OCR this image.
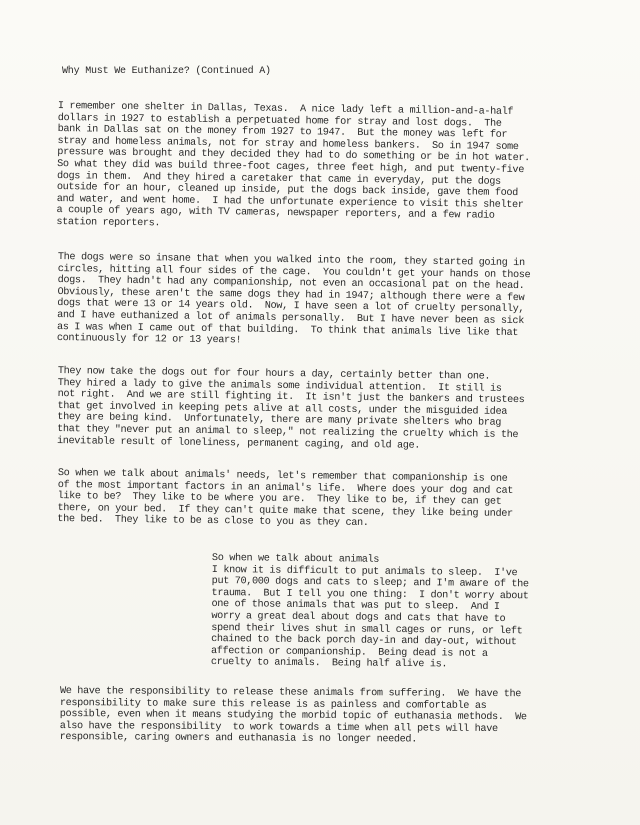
Why Must We Euthanize? (Continued A)

I remember one shelter in Dallas, Texas.  A nice lady left a million-and-a-half
dollars in 1927 to establish a perpetuated home for stray and lost dogs.  The
bank in Dallas sat on the money from 1927 to 1947.  But the money was left for
stray and homeless animals, not for stray and homeless bankers.  So in 1947 some
pressure was brought and they decided they had to do something or be in hot water.
So what they did was build three-foot cages, three feet high, and put twenty-five
dogs in them.  And they hired a caretaker that came in everyday, put the dogs
outside for an hour, cleaned up inside, put the dogs back inside, gave them food
and water, and went home.  I had the unfortunate experience to visit this shelter
a couple of years ago, with TV cameras, newspaper reporters, and a few radio
station reporters.

The dogs were so insane that when you walked into the room, they started going in
circles, hitting all four sides of the cage.  You couldn't get your hands on those
dogs.  They hadn't had any companionship, not even an occasional pat on the head.
Obviously, these aren't the same dogs they had in 1947; although there were a few
dogs that were 13 or 14 years old.  Now, I have seen a lot of cruelty personally,
and I have euthanized a lot of animals personally.  But I have never been as sick
as I was when I came out of that building.  To think that animals live like that
continuously for 12 or 13 years!

They now take the dogs out for four hours a day, certainly better than one.
They hired a lady to give the animals some individual attention.  It still is
not right.  And we are still fighting it.  It isn't just the bankers and trustees
that get involved in keeping pets alive at all costs, under the misguided idea
they are being kind.  Unfortunately, there are many private shelters who brag
that they "never put an animal to sleep," not realizing the cruelty which is the
inevitable result of loneliness, permanent caging, and old age.

So when we talk about animals' needs, let's remember that companionship is one
of the most important factors in an animal's life.  Where does your dog and cat
like to be?  They like to be where you are.  They like to be, if they can get
there, on your bed.  If they can't quite make that scene, they like being under
the bed.  They like to be as close to you as they can.

So when we talk about animals
I know it is difficult to put animals to sleep.  I've
put 70,000 dogs and cats to sleep; and I'm aware of the
trauma.  But I tell you one thing:  I don't worry about
one of those animals that was put to sleep.  And I
worry a great deal about dogs and cats that have to
spend their lives shut in small cages or runs, or left
chained to the back porch day-in and day-out, without
affection or companionship.  Being dead is not a
cruelty to animals.  Being half alive is.

We have the responsibility to release these animals from suffering.  We have the
responsibility to make sure this release is as painless and comfortable as
possible, even when it means studying the morbid topic of euthanasia methods.  We
also have the responsibility  to work towards a time when all pets will have
responsible, caring owners and euthanasia is no longer needed.
